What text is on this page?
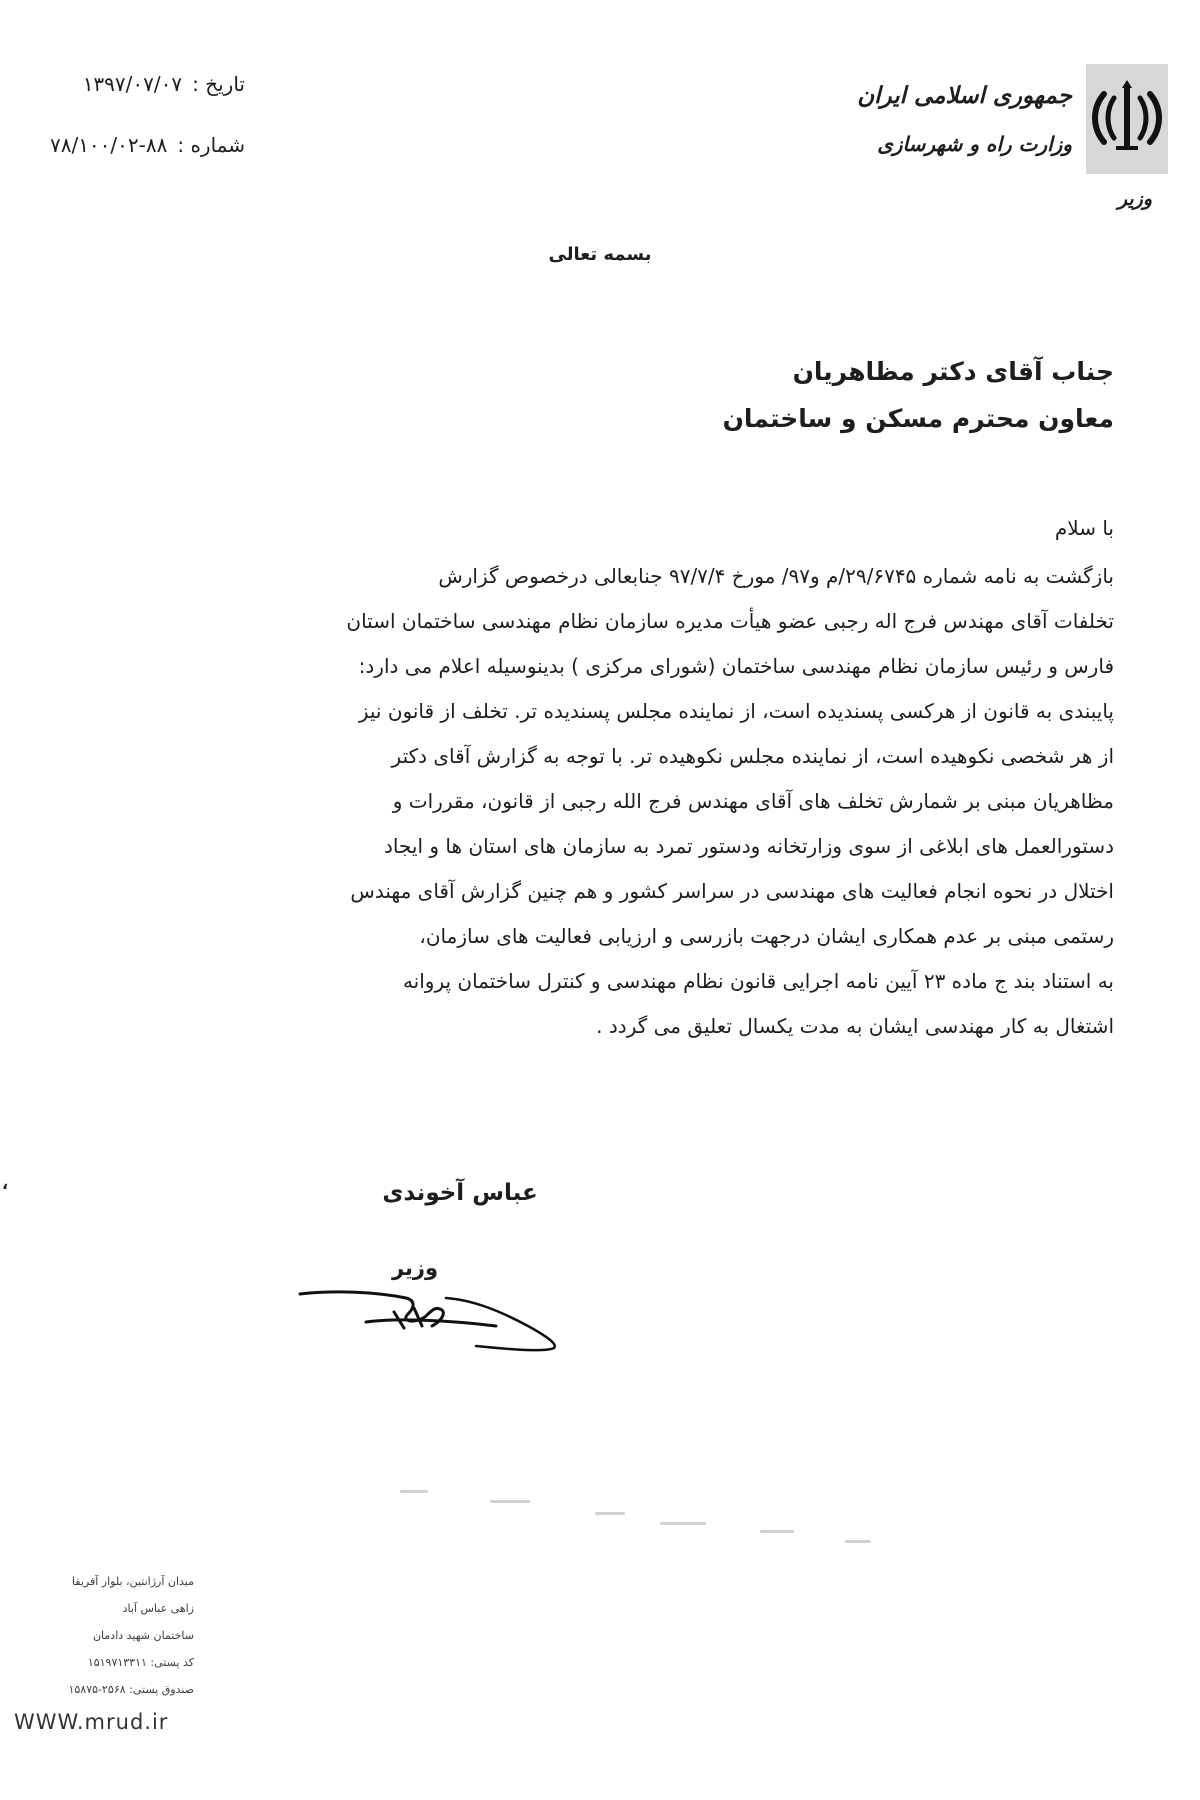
جمهوری اسلامی ایران
وزارت راه و شهرسازی
وزیر
تاریخ :۱۳۹۷/۰۷/۰۷
شماره :۸۸-۷۸/۱۰۰/۰۲
بسمه تعالی
جناب آقای دکتر مظاهریان
معاون محترم مسکن و ساختمان
با سلام

بازگشت به نامه شماره ۲۹/۶۷۴۵/م و۹۷/ مورخ ۹۷/۷/۴ جنابعالی درخصوص گزارش
تخلفات آقای مهندس فرج اله رجبی عضو هیأت مدیره سازمان نظام مهندسی ساختمان استان
فارس و رئیس سازمان نظام مهندسی ساختمان (شورای مرکزی ) بدینوسیله اعلام می دارد:
پایبندی به قانون از هرکسی پسندیده است، از نماینده مجلس پسندیده تر. تخلف از قانون نیز
از هر شخصی نکوهیده است، از نماینده مجلس نکوهیده تر. با توجه به گزارش آقای دکتر
مظاهریان مبنی بر شمارش تخلف های آقای مهندس فرج الله رجبی از قانون، مقررات و
دستورالعمل های ابلاغی از سوی وزارتخانه ودستور تمرد به سازمان های استان ها و ایجاد
اختلال در نحوه انجام فعالیت های مهندسی در سراسر کشور و هم چنین گزارش آقای مهندس
رستمی مبنی بر عدم همکاری ایشان درجهت بازرسی و ارزیابی فعالیت های سازمان،
به استناد بند ج ماده ۲۳ آیین نامه اجرایی قانون نظام مهندسی و کنترل ساختمان پروانه
اشتغال به کار مهندسی ایشان به مدت یکسال تعلیق می گردد .

،	عباس آخوندی
وزیر
میدان آرژانتین، بلوار آفریقا
زاهی عباس آباد
ساختمان شهید دادمان
کد پستی: ۱۵۱۹۷۱۳۳۱۱
صندوق پستی: ۲۵۶۸-۱۵۸۷۵
WWW.mrud.ir
